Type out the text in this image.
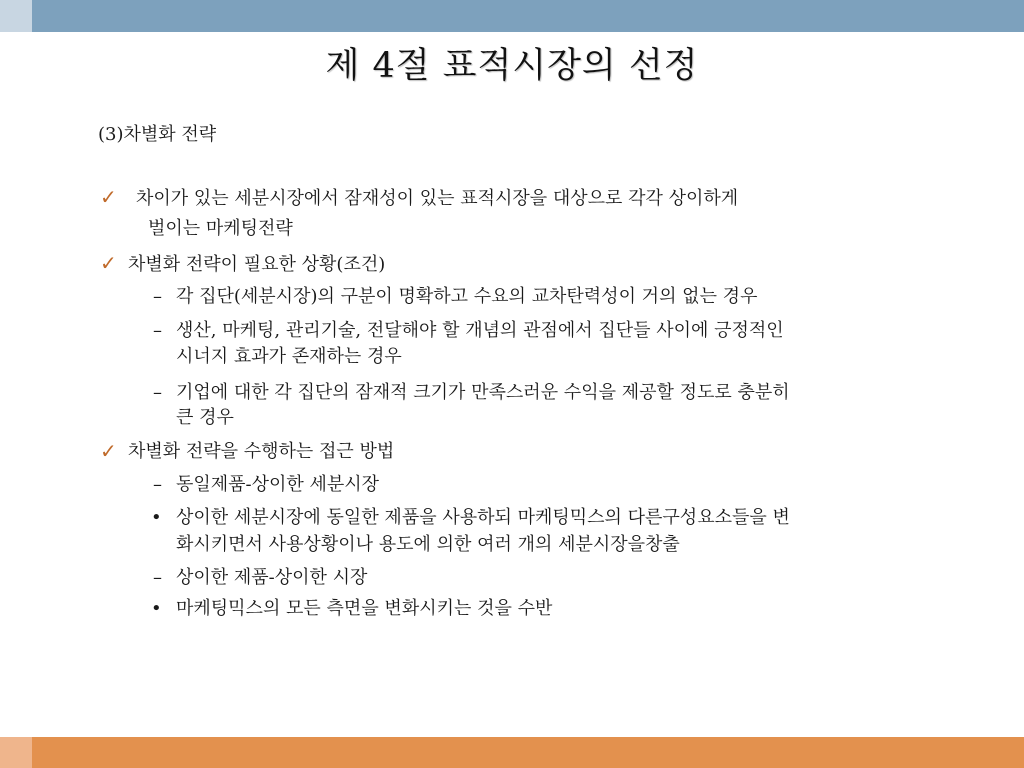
제 4절 표적시장의 선정
(3)차별화 전략
✓ 차이가 있는 세분시장에서 잠재성이 있는 표적시장을 대상으로 각각 상이하게
벌이는 마케팅전략
✓ 차별화 전략이 필요한 상황(조건)
– 각 집단(세분시장)의 구분이 명확하고 수요의 교차탄력성이 거의 없는 경우
– 생산, 마케팅, 관리기술, 전달해야 할 개념의 관점에서 집단들 사이에 긍정적인
시너지 효과가 존재하는 경우
– 기업에 대한 각 집단의 잠재적 크기가 만족스러운 수익을 제공할 정도로 충분히
큰 경우
✓ 차별화 전략을 수행하는 접근 방법
– 동일제품-상이한 세분시장
• 상이한 세분시장에 동일한 제품을 사용하되 마케팅믹스의 다른구성요소들을 변
화시키면서 사용상황이나 용도에 의한 여러 개의 세분시장을창출
– 상이한 제품-상이한 시장
• 마케팅믹스의 모든 측면을 변화시키는 것을 수반
